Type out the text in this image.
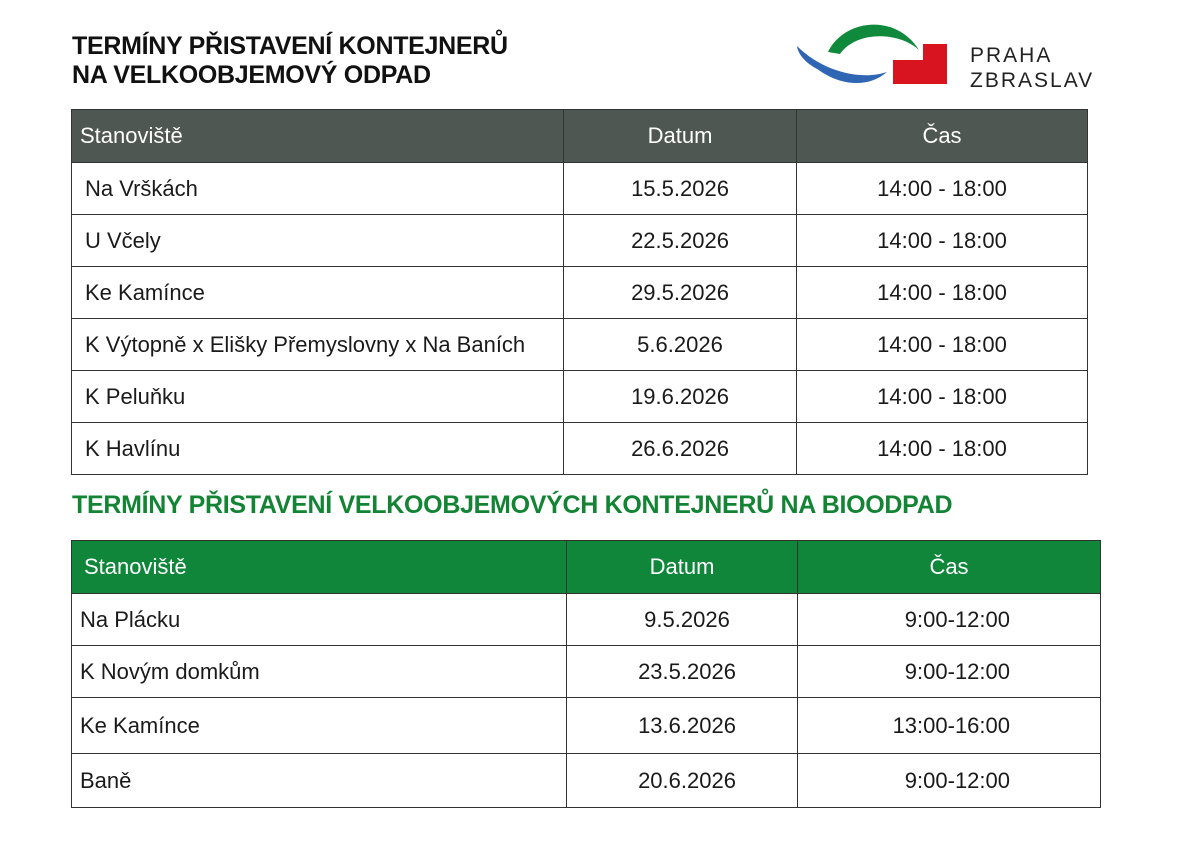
TERMÍNY PŘISTAVENÍ KONTEJNERŮ
NA VELKOOBJEMOVÝ ODPAD
PRAHA
ZBRASLAV
Stanoviště	Datum	Čas
Na Vrškách	15.5.2026	14:00 - 18:00
U Včely	22.5.2026	14:00 - 18:00
Ke Kamínce	29.5.2026	14:00 - 18:00
K Výtopně x Elišky Přemyslovny x Na Baních	5.6.2026	14:00 - 18:00
K Peluňku	19.6.2026	14:00 - 18:00
K Havlínu	26.6.2026	14:00 - 18:00
TERMÍNY PŘISTAVENÍ VELKOOBJEMOVÝCH KONTEJNERŮ NA BIOODPAD
Stanoviště	Datum	Čas
Na Plácku	9.5.2026	9:00-12:00
K Novým domkům	23.5.2026	9:00-12:00
Ke Kamínce	13.6.2026	13:00-16:00
Baně	20.6.2026	9:00-12:00
